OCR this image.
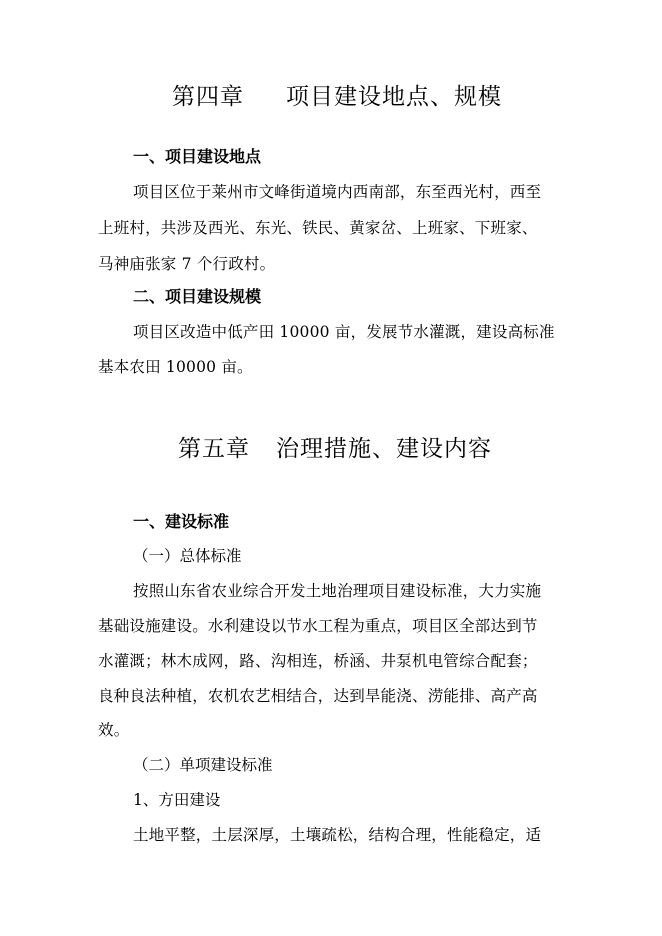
第四章 项目建设地点、规模
一、项目建设地点
项目区位于莱州市文峰街道境内西南部，东至西光村，西至
上班村，共涉及西光、东光、铁民、黄家岔、上班家、下班家、
马神庙张家 7 个行政村。
二、项目建设规模
项目区改造中低产田 10000 亩，发展节水灌溉，建设高标准
基本农田 10000 亩。
第五章 治理措施、建设内容
一、建设标准
（一）总体标准
按照山东省农业综合开发土地治理项目建设标准，大力实施
基础设施建设。水利建设以节水工程为重点，项目区全部达到节
水灌溉；林木成网，路、沟相连，桥涵、井泵机电管综合配套；
良种良法种植，农机农艺相结合，达到旱能浇、涝能排、高产高
效。
（二）单项建设标准
1、方田建设
土地平整，土层深厚，土壤疏松，结构合理，性能稳定，适
